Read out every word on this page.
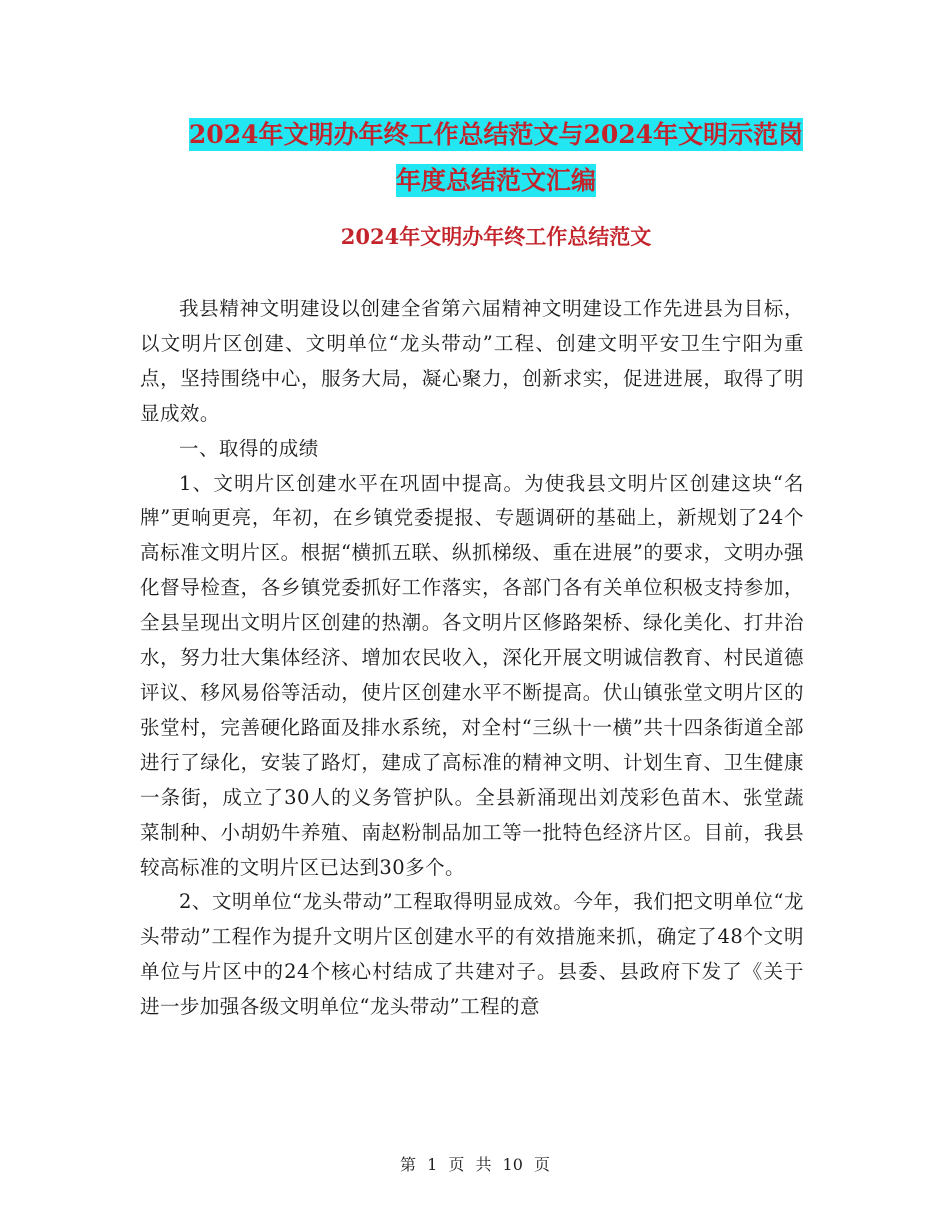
2024年文明办年终工作总结范文与2024年文明示范岗
年度总结范文汇编
2024年文明办年终工作总结范文

我县精神文明建设以创建全省第六届精神文明建设工作先进县为目标，以文明片区创建、文明单位“龙头带动”工程、创建文明平安卫生宁阳为重点，坚持围绕中心，服务大局，凝心聚力，创新求实，促进进展，取得了明显成效。

一、取得的成绩

1、文明片区创建水平在巩固中提高。为使我县文明片区创建这块“名牌”更响更亮，年初，在乡镇党委提报、专题调研的基础上，新规划了24个高标准文明片区。根据“横抓五联、纵抓梯级、重在进展”的要求，文明办强化督导检查，各乡镇党委抓好工作落实，各部门各有关单位积极支持参加，全县呈现出文明片区创建的热潮。各文明片区修路架桥、绿化美化、打井治水，努力壮大集体经济、增加农民收入，深化开展文明诚信教育、村民道德评议、移风易俗等活动，使片区创建水平不断提高。伏山镇张堂文明片区的张堂村，完善硬化路面及排水系统，对全村“三纵十一横”共十四条街道全部进行了绿化，安装了路灯，建成了高标准的精神文明、计划生育、卫生健康一条街，成立了30人的义务管护队。全县新涌现出刘茂彩色苗木、张堂蔬菜制种、小胡奶牛养殖、南赵粉制品加工等一批特色经济片区。目前，我县较高标准的文明片区已达到30多个。

2、文明单位“龙头带动”工程取得明显成效。今年，我们把文明单位“龙头带动”工程作为提升文明片区创建水平的有效措施来抓，确定了48个文明单位与片区中的24个核心村结成了共建对子。县委、县政府下发了《关于进一步加强各级文明单位“龙头带动”工程的意

第 1 页 共 10 页
